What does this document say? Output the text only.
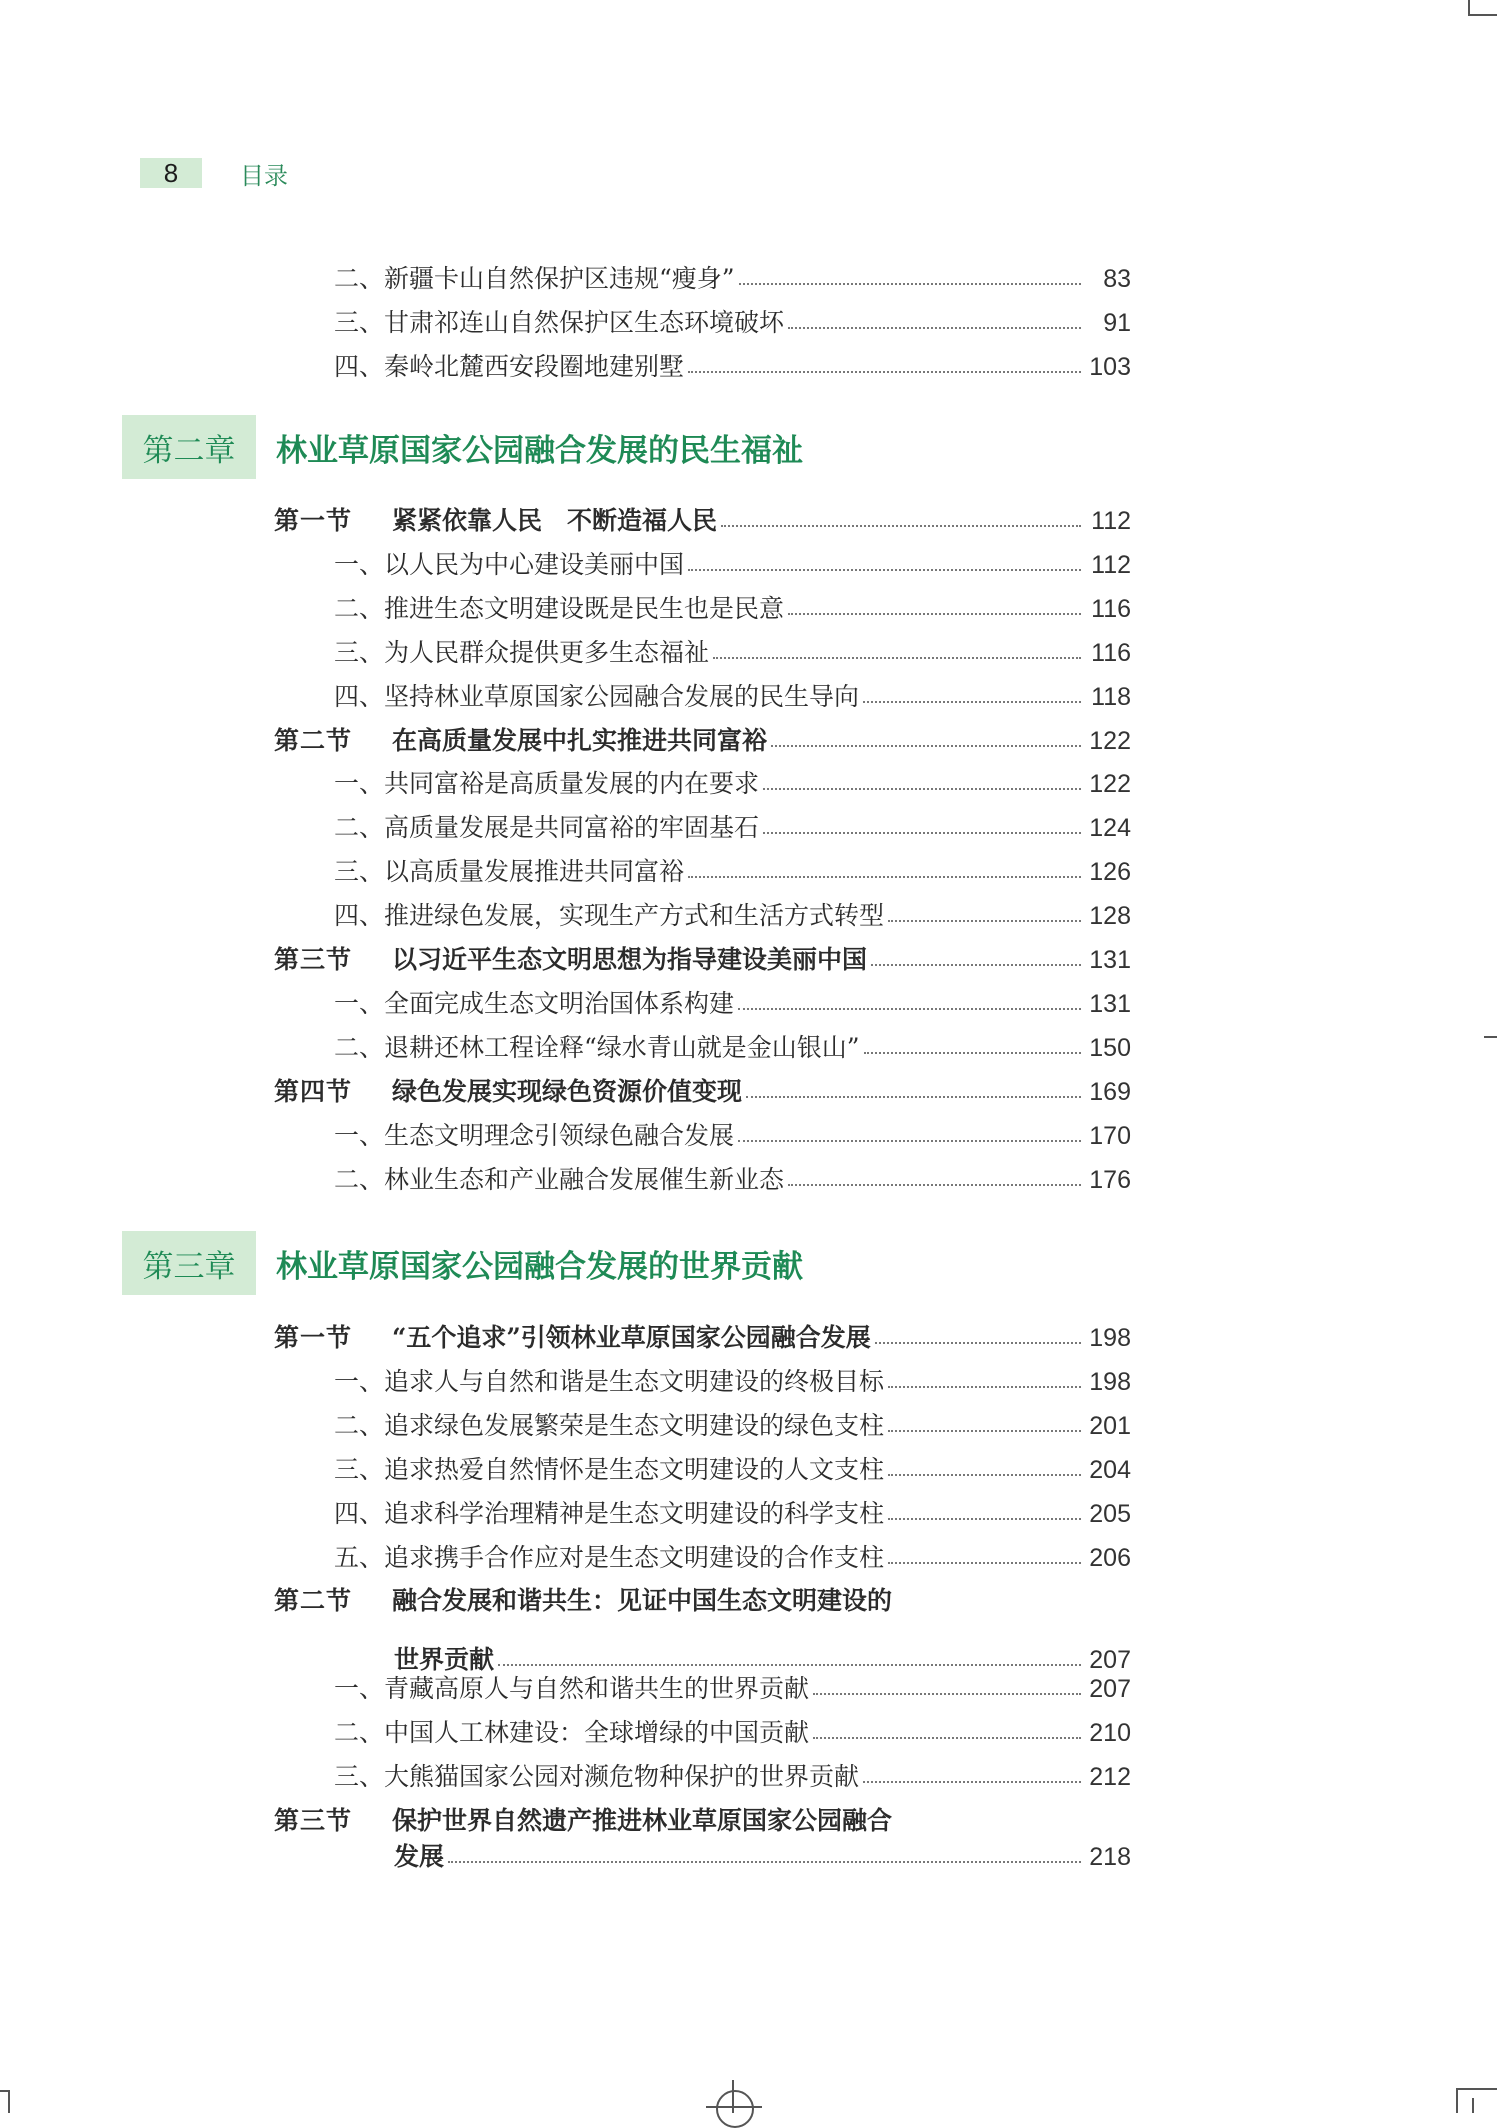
8	目录
二、新疆卡山自然保护区违规“瘦身”	83
三、甘肃祁连山自然保护区生态环境破坏	91
四、秦岭北麓西安段圈地建别墅	103
第二章	林业草原国家公园融合发展的民生福祉
第一节	紧紧依靠人民　不断造福人民	112
一、以人民为中心建设美丽中国	112
二、推进生态文明建设既是民生也是民意	116
三、为人民群众提供更多生态福祉	116
四、坚持林业草原国家公园融合发展的民生导向	118
第二节	在高质量发展中扎实推进共同富裕	122
一、共同富裕是高质量发展的内在要求	122
二、高质量发展是共同富裕的牢固基石	124
三、以高质量发展推进共同富裕	126
四、推进绿色发展，实现生产方式和生活方式转型	128
第三节	以习近平生态文明思想为指导建设美丽中国	131
一、全面完成生态文明治国体系构建	131
二、退耕还林工程诠释“绿水青山就是金山银山”	150
第四节	绿色发展实现绿色资源价值变现	169
一、生态文明理念引领绿色融合发展	170
二、林业生态和产业融合发展催生新业态	176
第三章	林业草原国家公园融合发展的世界贡献
第一节	“五个追求”引领林业草原国家公园融合发展	198
一、追求人与自然和谐是生态文明建设的终极目标	198
二、追求绿色发展繁荣是生态文明建设的绿色支柱	201
三、追求热爱自然情怀是生态文明建设的人文支柱	204
四、追求科学治理精神是生态文明建设的科学支柱	205
五、追求携手合作应对是生态文明建设的合作支柱	206
第二节	融合发展和谐共生：见证中国生态文明建设的
世界贡献	207
一、青藏高原人与自然和谐共生的世界贡献	207
二、中国人工林建设：全球增绿的中国贡献	210
三、大熊猫国家公园对濒危物种保护的世界贡献	212
第三节	保护世界自然遗产推进林业草原国家公园融合
发展	218
